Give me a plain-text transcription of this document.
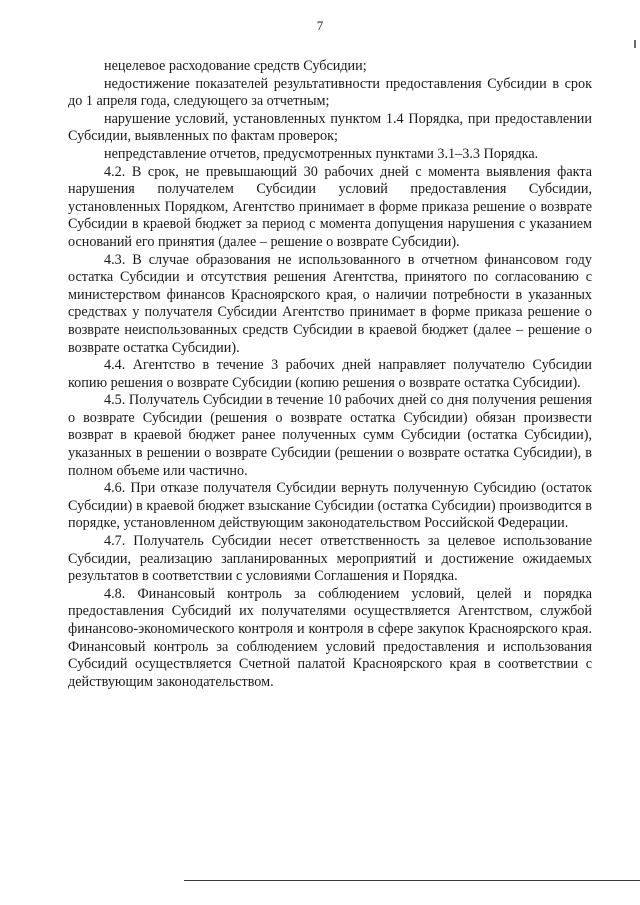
7

нецелевое расходование средств Субсидии;

недостижение показателей результативности предоставления Субсидии в срок до 1 апреля года, следующего за отчетным;

нарушение условий, установленных пунктом 1.4 Порядка, при предоставлении Субсидии, выявленных по фактам проверок;

непредставление отчетов, предусмотренных пунктами 3.1–3.3 Порядка.

4.2. В срок, не превышающий 30 рабочих дней с момента выявления факта нарушения получателем Субсидии условий предоставления Субсидии, установленных Порядком, Агентство принимает в форме приказа решение о возврате Субсидии в краевой бюджет за период с момента допущения нарушения с указанием оснований его принятия (далее – решение о возврате Субсидии).

4.3. В случае образования не использованного в отчетном финансовом году остатка Субсидии и отсутствия решения Агентства, принятого по согласованию с министерством финансов Красноярского края, о наличии потребности в указанных средствах у получателя Субсидии Агентство принимает в форме приказа решение о возврате неиспользованных средств Субсидии в краевой бюджет (далее – решение о возврате остатка Субсидии).

4.4. Агентство в течение 3 рабочих дней направляет получателю Субсидии копию решения о возврате Субсидии (копию решения о возврате остатка Субсидии).

4.5. Получатель Субсидии в течение 10 рабочих дней со дня получения решения о возврате Субсидии (решения о возврате остатка Субсидии) обязан произвести возврат в краевой бюджет ранее полученных сумм Субсидии (остатка Субсидии), указанных в решении о возврате Субсидии (решении о возврате остатка Субсидии), в полном объеме или частично.

4.6. При отказе получателя Субсидии вернуть полученную Субсидию (остаток Субсидии) в краевой бюджет взыскание Субсидии (остатка Субсидии) производится в порядке, установленном действующим законодательством Российской Федерации.

4.7. Получатель Субсидии несет ответственность за целевое использование Субсидии, реализацию запланированных мероприятий и достижение ожидаемых результатов в соответствии с условиями Соглашения и Порядка.

4.8. Финансовый контроль за соблюдением условий, целей и порядка предоставления Субсидий их получателями осуществляется Агентством, службой финансово-экономического контроля и контроля в сфере закупок Красноярского края. Финансовый контроль за соблюдением условий предоставления и использования Субсидий осуществляется Счетной палатой Красноярского края в соответствии с действующим законодательством.
